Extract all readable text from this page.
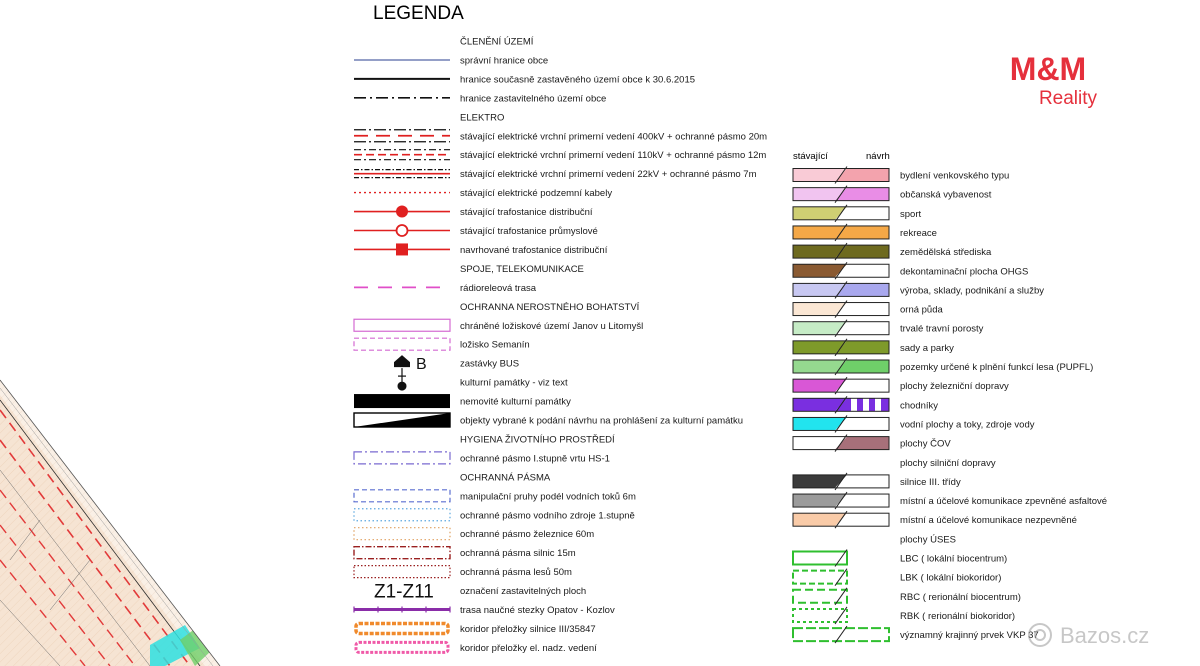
LEGENDA
ČLENĚNÍ ÚZEMÍ
správní hranice obce
hranice současně zastavěného území obce k 30.6.2015
hranice zastavitelného území obce
ELEKTRO
stávající elektrické vrchní primerní vedení 400kV + ochranné pásmo 20m
stávající elektrické vrchní primerní vedení 110kV + ochranné pásmo 12m
stávající elektrické vrchní primerní vedení 22kV + ochranné pásmo 7m
stávající elektrické podzemní kabely
stávající trafostanice distribuční
stávající trafostanice průmyslové
navrhované trafostanice distribuční
SPOJE, TELEKOMUNIKACE
rádioreleová trasa
OCHRANNA NEROSTNÉHO BOHATSTVÍ
chráněné ložiskové území Janov u Litomyšl
ložisko Semanín
B	zastávky BUS
kulturní památky - viz text
nemovité kulturní památky
objekty vybrané k podání návrhu na prohlášení za kulturní památku
HYGIENA ŽIVOTNÍHO PROSTŘEDÍ
ochranné pásmo I.stupně vrtu HS-1
OCHRANNÁ PÁSMA
manipulační pruhy podél vodních toků 6m
ochranné pásmo vodního zdroje 1.stupně
ochranné pásmo železnice 60m
ochranná pásma silnic 15m
ochranná pásma lesů 50m
Z1-Z11	označení zastavitelných ploch
trasa naučné stezky Opatov - Kozlov
koridor přeložky silnice III/35847
koridor přeložky el. nadz. vedení
stávající	návrh
bydlení venkovského typu
občanská vybavenost
sport
rekreace
zemědělská střediska
dekontaminační plocha OHGS
výroba, sklady, podnikání a služby
orná půda
trvalé travní porosty
sady a parky
pozemky určené k plnění funkcí lesa (PUPFL)
plochy železniční dopravy
chodníky
vodní plochy a toky, zdroje vody
plochy ČOV
plochy silniční dopravy
silnice III. třídy
místní a účelové komunikace zpevněné asfaltové
místní a účelové komunikace nezpevněné
plochy ÚSES
LBC ( lokální biocentrum)
LBK ( lokální biokoridor)
RBC ( rerionální biocentrum)
RBK ( rerionální biokoridor)
významný krajinný prvek VKP 37
M&M
Reality
Bazos.cz
